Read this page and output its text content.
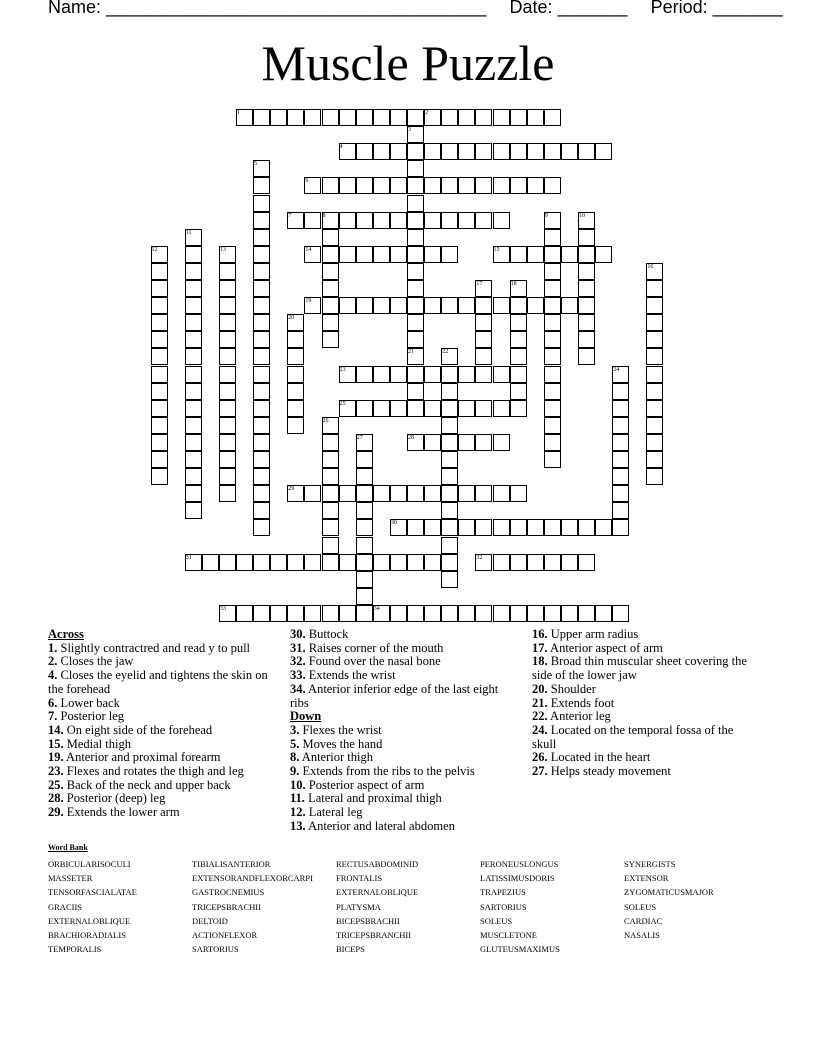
Name: ______________________________________ Date: _______ Period: _______
Muscle Puzzle
1	2
3
4
5
6
7	8	9	10
11
12	13	14	15
16
17	18
19
20
21	22
23	24
25
26
27	28
29
30
31	32
33	34
Across
1. Slightly contractred and read y to pull
2. Closes the jaw
4. Closes the eyelid and tightens the skin on the forehead
6. Lower back
7. Posterior leg
14. On eight side of the forehead
15. Medial thigh
19. Anterior and proximal forearm
23. Flexes and rotates the thigh and leg
25. Back of the neck and upper back
28. Posterior (deep) leg
29. Extends the lower arm
30. Buttock
31. Raises corner of the mouth
32. Found over the nasal bone
33. Extends the wrist
34. Anterior inferior edge of the last eight ribs
Down
3. Flexes the wrist
5. Moves the hand
8. Anterior thigh
9. Extends from the ribs to the pelvis
10. Posterior aspect of arm
11. Lateral and proximal thigh
12. Lateral leg
13. Anterior and lateral abdomen
16. Upper arm radius
17. Anterior aspect of arm
18. Broad thin muscular sheet covering the side of the lower jaw
20. Shoulder
21. Extends foot
22. Anterior leg
24. Located on the temporal fossa of the skull
26. Located in the heart
27. Helps steady movement
Word Bank
ORBICULARISOCULI
MASSETER
TENSORFASCIALATAE
GRACIIS
EXTERNALOBLIQUE
BRACHIORADIALIS
TEMPORALIS
TIBIALISANTERIOR
EXTENSORANDFLEXORCARPI
GASTROCNEMIUS
TRICEPSBRACHII
DELTOID
ACTIONFLEXOR
SARTORIUS
RECTUSABDOMINID
FRONTALIS
EXTERNALOBLIQUE
PLATYSMA
BICEPSBRACHII
TRICEPSBRANCHII
BICEPS
PERONEUSLONGUS
LATISSIMUSDORIS
TRAPEZIUS
SARTORIUS
SOLEUS
MUSCLETONE
GLUTEUSMAXIMUS
SYNERGISTS
EXTENSOR
ZYGOMATICUSMAJOR
SOLEUS
CARDIAC
NASALIS
